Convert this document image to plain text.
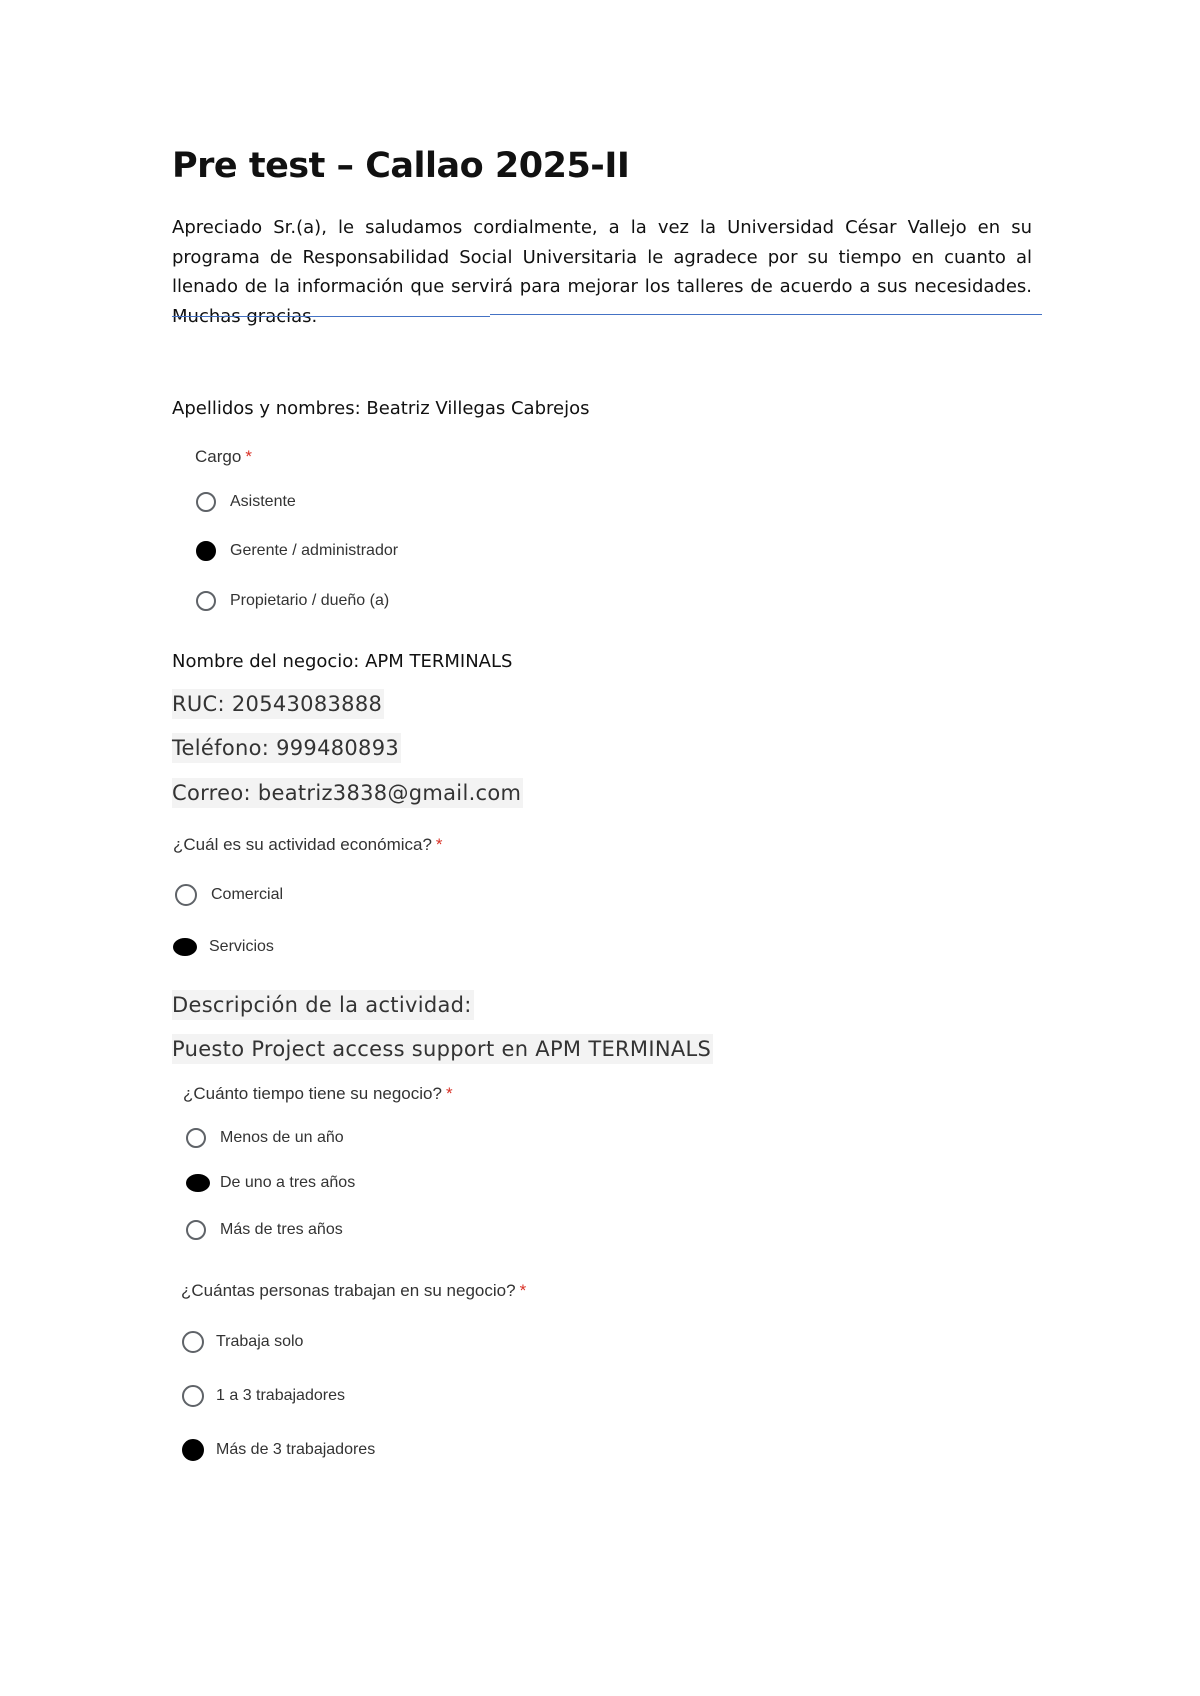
Pre test – Callao 2025-II
Apreciado Sr.(a), le saludamos cordialmente, a la vez la Universidad César Vallejo en su programa de Responsabilidad Social Universitaria le agradece por su tiempo en cuanto al llenado de la información que servirá para mejorar los talleres de acuerdo a sus necesidades. Muchas gracias.
Apellidos y nombres: Beatriz Villegas Cabrejos
Cargo *
Asistente
Gerente / administrador
Propietario / dueño (a)
Nombre del negocio: APM TERMINALS
RUC: 20543083888
Teléfono: 999480893
Correo: beatriz3838@gmail.com
¿Cuál es su actividad económica? *
Comercial
Servicios
Descripción de la actividad:
Puesto Project access support en APM TERMINALS
¿Cuánto tiempo tiene su negocio? *
Menos de un año
De uno a tres años
Más de tres años
¿Cuántas personas trabajan en su negocio? *
Trabaja solo
1 a 3 trabajadores
Más de 3 trabajadores
